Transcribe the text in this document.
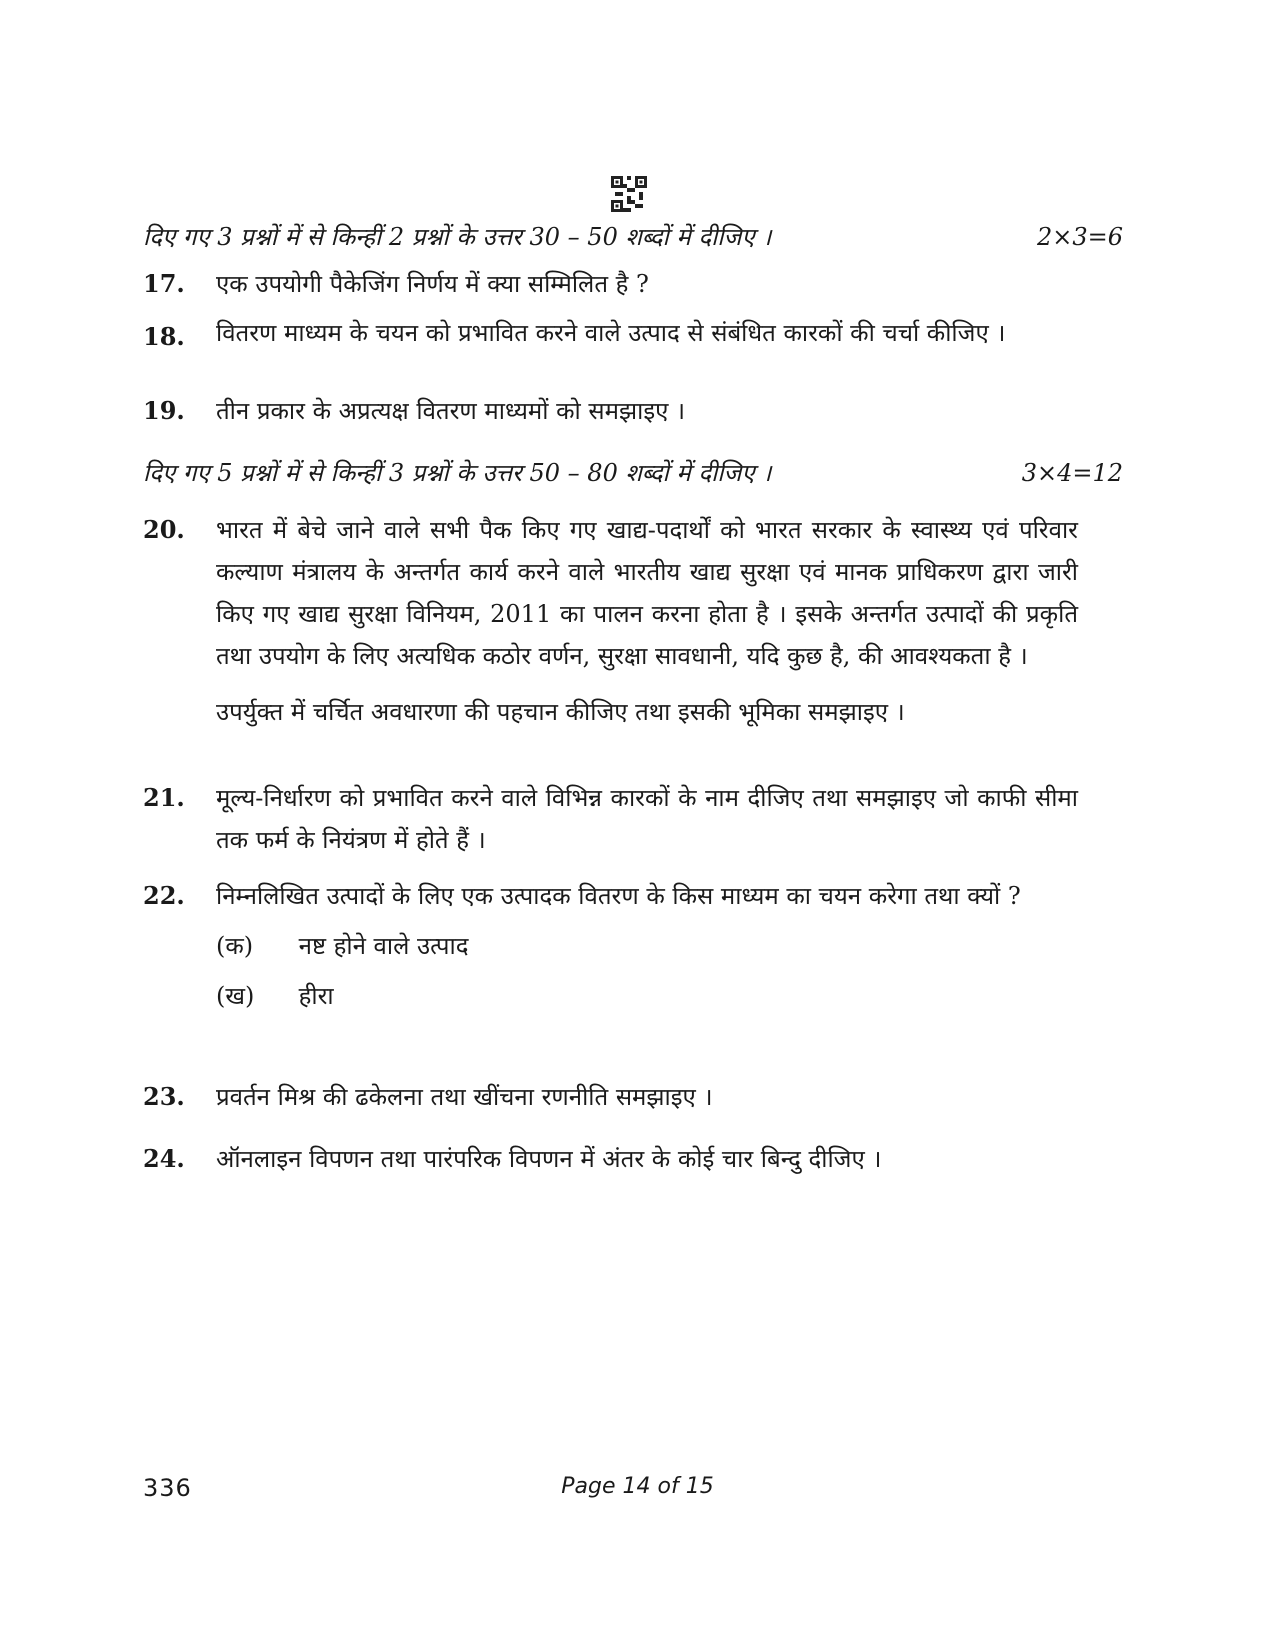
दिए गए 3 प्रश्नों में से किन्हीं 2 प्रश्नों के उत्तर 30 – 50 शब्दों में दीजिए ।	2×3=6
17.	एक उपयोगी पैकेजिंग निर्णय में क्या सम्मिलित है ?
18.	वितरण माध्यम के चयन को प्रभावित करने वाले उत्पाद से संबंधित कारकों की चर्चा कीजिए ।
19.	तीन प्रकार के अप्रत्यक्ष वितरण माध्यमों को समझाइए ।
दिए गए 5 प्रश्नों में से किन्हीं 3 प्रश्नों के उत्तर 50 – 80 शब्दों में दीजिए ।	3×4=12
20.	भारत में बेचे जाने वाले सभी पैक किए गए खाद्य-पदार्थों को भारत सरकार के स्वास्थ्य एवं परिवार कल्याण मंत्रालय के अन्तर्गत कार्य करने वाले भारतीय खाद्य सुरक्षा एवं मानक प्राधिकरण द्वारा जारी किए गए खाद्य सुरक्षा विनियम, 2011 का पालन करना होता है । इसके अन्तर्गत उत्पादों की प्रकृति तथा उपयोग के लिए अत्यधिक कठोर वर्णन, सुरक्षा सावधानी, यदि कुछ है, की आवश्यकता है ।
उपर्युक्त में चर्चित अवधारणा की पहचान कीजिए तथा इसकी भूमिका समझाइए ।
21.	मूल्य-निर्धारण को प्रभावित करने वाले विभिन्न कारकों के नाम दीजिए तथा समझाइए जो काफी सीमा तक फर्म के नियंत्रण में होते हैं ।
22.	निम्नलिखित उत्पादों के लिए एक उत्पादक वितरण के किस माध्यम का चयन करेगा तथा क्यों ?
(क) नष्ट होने वाले उत्पाद
(ख) हीरा
23.	प्रवर्तन मिश्र की ढकेलना तथा खींचना रणनीति समझाइए ।
24.	ऑनलाइन विपणन तथा पारंपरिक विपणन में अंतर के कोई चार बिन्दु दीजिए ।
336	Page 14 of 15
